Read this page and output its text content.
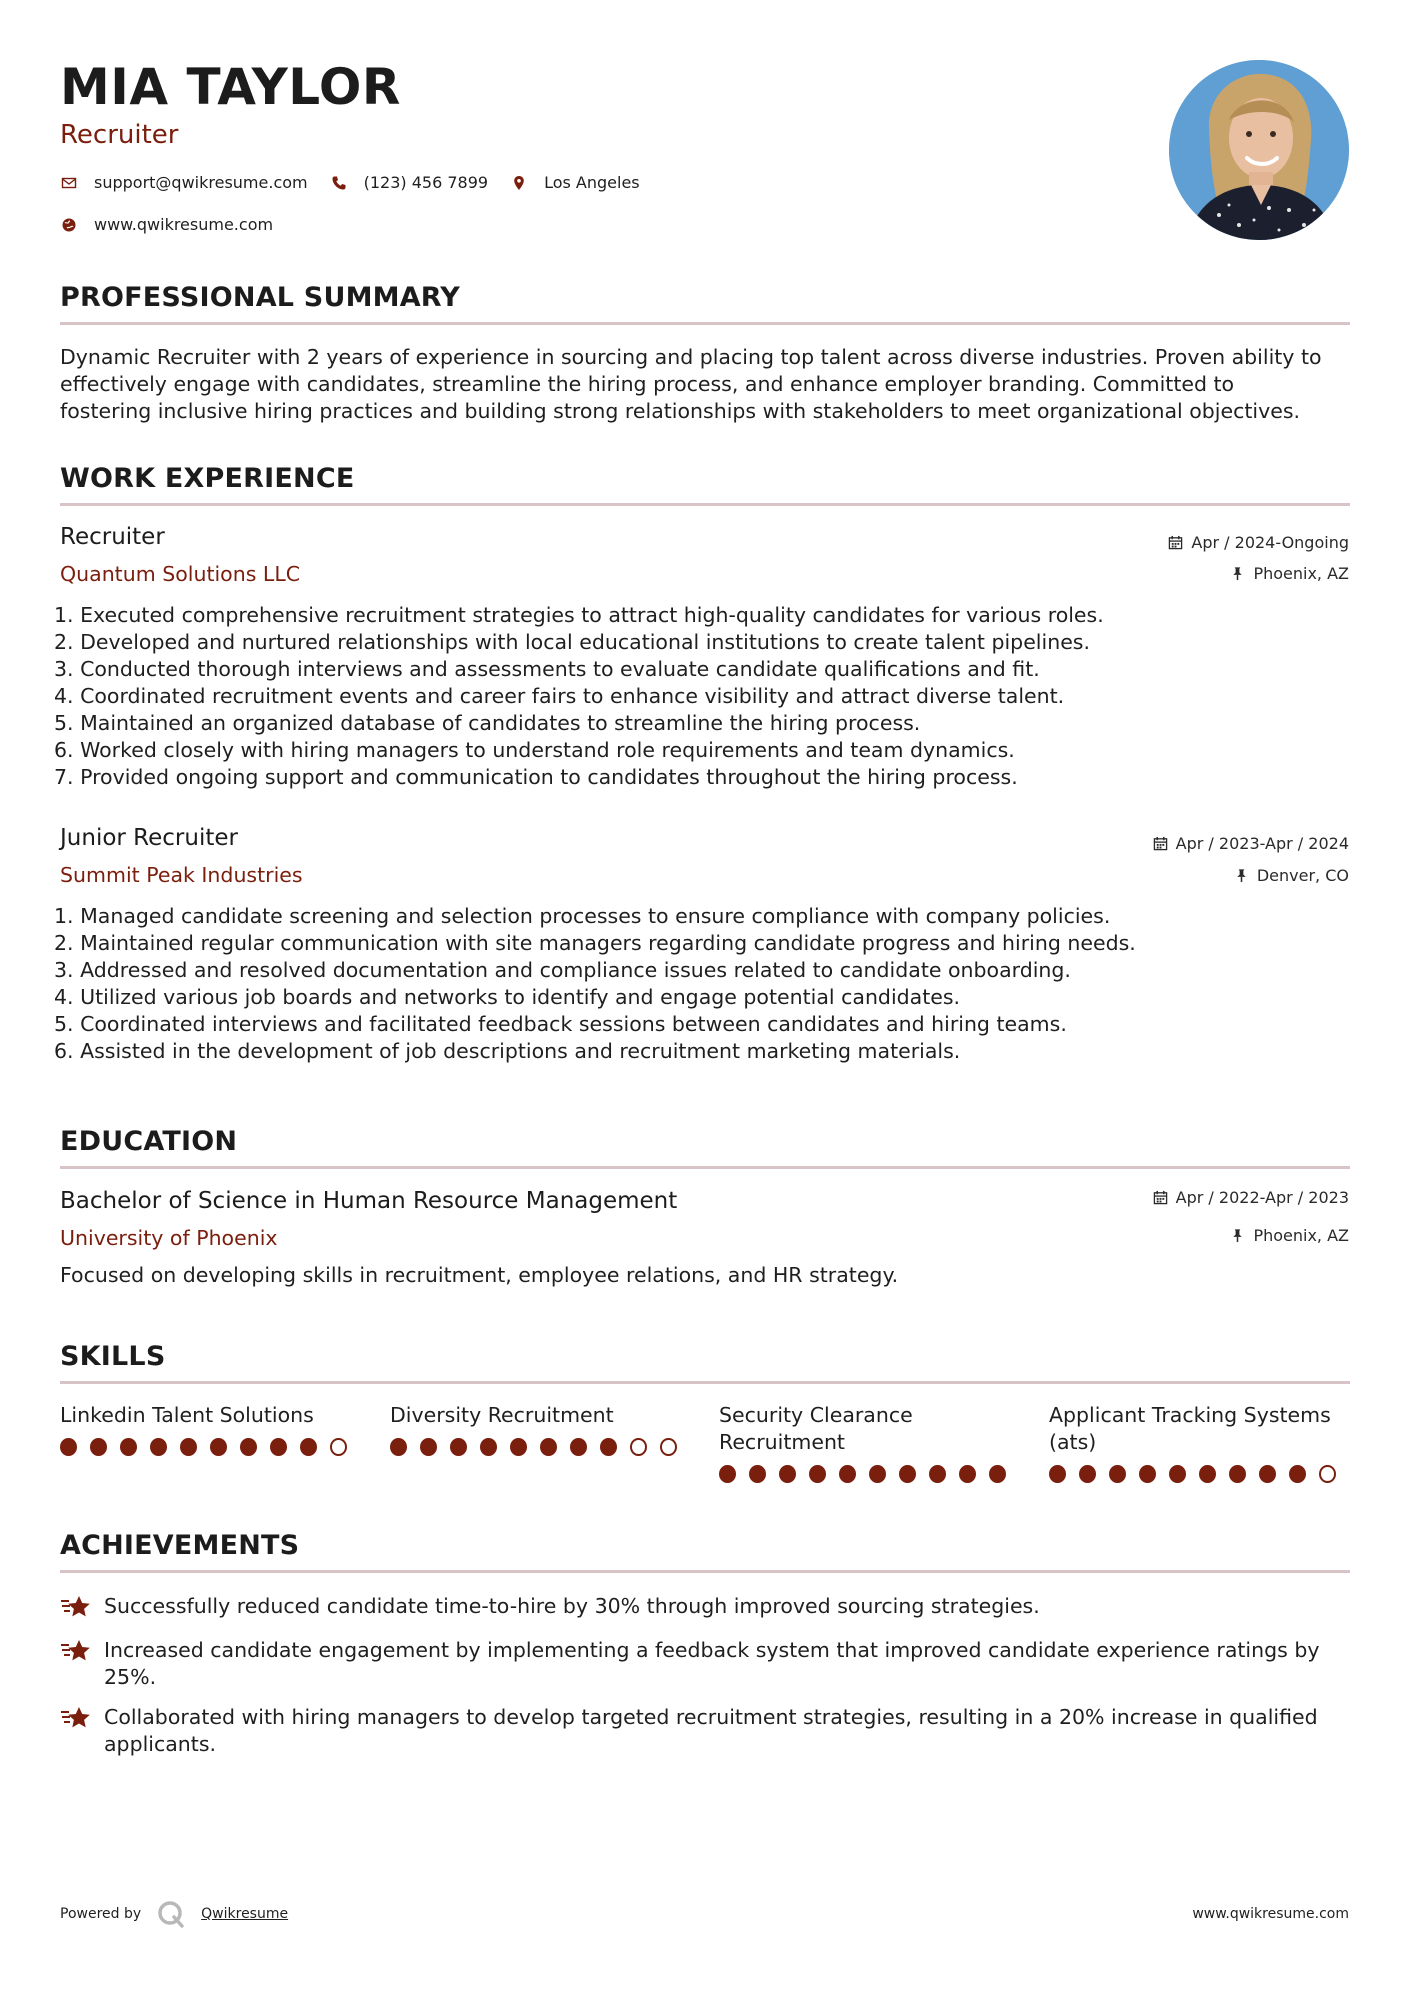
MIA TAYLOR
Recruiter
support@qwikresume.com	(123) 456 7899	Los Angeles
www.qwikresume.com
PROFESSIONAL SUMMARY
Dynamic Recruiter with 2 years of experience in sourcing and placing top talent across diverse industries. Proven ability to
effectively engage with candidates, streamline the hiring process, and enhance employer branding. Committed to
fostering inclusive hiring practices and building strong relationships with stakeholders to meet organizational objectives.
WORK EXPERIENCE
Recruiter
Quantum Solutions LLC
Apr / 2024-Ongoing
Phoenix, AZ
1. Executed comprehensive recruitment strategies to attract high-quality candidates for various roles.
2. Developed and nurtured relationships with local educational institutions to create talent pipelines.
3. Conducted thorough interviews and assessments to evaluate candidate qualifications and fit.
4. Coordinated recruitment events and career fairs to enhance visibility and attract diverse talent.
5. Maintained an organized database of candidates to streamline the hiring process.
6. Worked closely with hiring managers to understand role requirements and team dynamics.
7. Provided ongoing support and communication to candidates throughout the hiring process.
Junior Recruiter
Summit Peak Industries
Apr / 2023-Apr / 2024
Denver, CO
1. Managed candidate screening and selection processes to ensure compliance with company policies.
2. Maintained regular communication with site managers regarding candidate progress and hiring needs.
3. Addressed and resolved documentation and compliance issues related to candidate onboarding.
4. Utilized various job boards and networks to identify and engage potential candidates.
5. Coordinated interviews and facilitated feedback sessions between candidates and hiring teams.
6. Assisted in the development of job descriptions and recruitment marketing materials.
EDUCATION
Bachelor of Science in Human Resource Management
University of Phoenix
Apr / 2022-Apr / 2023
Phoenix, AZ
Focused on developing skills in recruitment, employee relations, and HR strategy.
SKILLS
Linkedin Talent Solutions	Diversity Recruitment	Security Clearance
Recruitment
Applicant Tracking Systems
(ats)
ACHIEVEMENTS
Successfully reduced candidate time-to-hire by 30% through improved sourcing strategies.
Increased candidate engagement by implementing a feedback system that improved candidate experience ratings by
25%.
Collaborated with hiring managers to develop targeted recruitment strategies, resulting in a 20% increase in qualified
applicants.
Powered by	Qwikresume	www.qwikresume.com
